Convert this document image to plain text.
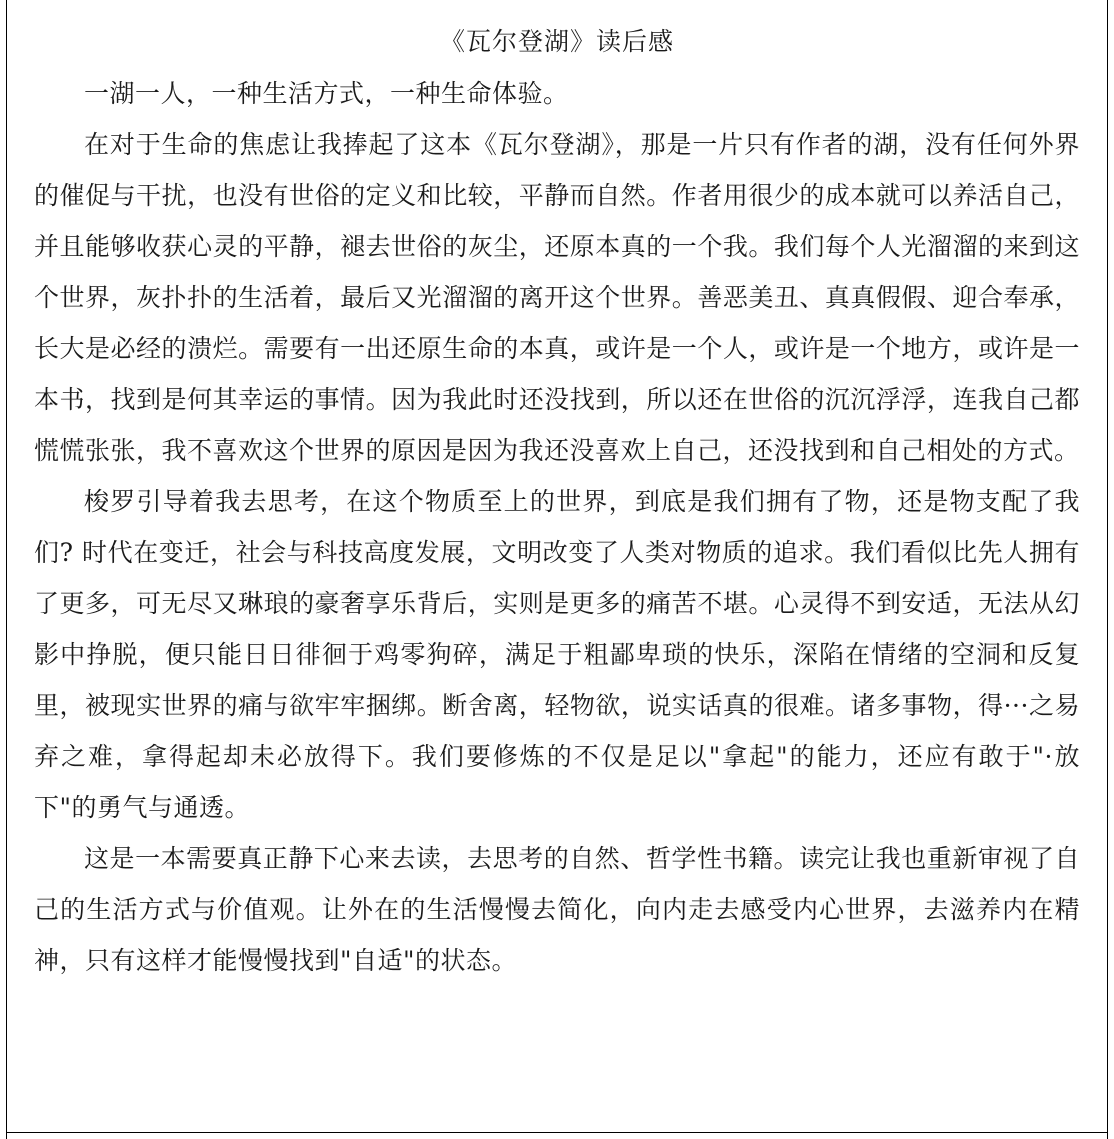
《瓦尔登湖》读后感

一湖一人，一种生活方式，一种生命体验。

在对于生命的焦虑让我捧起了这本《瓦尔登湖》，那是一片只有作者的湖，没有任何外界的催促与干扰，也没有世俗的定义和比较，平静而自然。作者用很少的成本就可以养活自己，并且能够收获心灵的平静，褪去世俗的灰尘，还原本真的一个我。我们每个人光溜溜的来到这个世界，灰扑扑的生活着，最后又光溜溜的离开这个世界。善恶美丑、真真假假、迎合奉承，长大是必经的溃烂。需要有一出还原生命的本真，或许是一个人，或许是一个地方，或许是一本书，找到是何其幸运的事情。因为我此时还没找到，所以还在世俗的沉沉浮浮，连我自己都慌慌张张，我不喜欢这个世界的原因是因为我还没喜欢上自己，还没找到和自己相处的方式。

梭罗引导着我去思考，在这个物质至上的世界，到底是我们拥有了物，还是物支配了我们? 时代在变迁，社会与科技高度发展，文明改变了人类对物质的追求。我们看似比先人拥有了更多，可无尽又琳琅的豪奢享乐背后，实则是更多的痛苦不堪。心灵得不到安适，无法从幻影中挣脱，便只能日日徘徊于鸡零狗碎，满足于粗鄙卑琐的快乐，深陷在情绪的空洞和反复里，被现实世界的痛与欲牢牢捆绑。断舍离，轻物欲，说实话真的很难。诸多事物，得···之易弃之难，拿得起却未必放得下。我们要修炼的不仅是足以"拿起"的能力，还应有敢于"·放下"的勇气与通透。

这是一本需要真正静下心来去读，去思考的自然、哲学性书籍。读完让我也重新审视了自己的生活方式与价值观。让外在的生活慢慢去简化，向内走去感受内心世界，去滋养内在精神，只有这样才能慢慢找到"自适"的状态。
